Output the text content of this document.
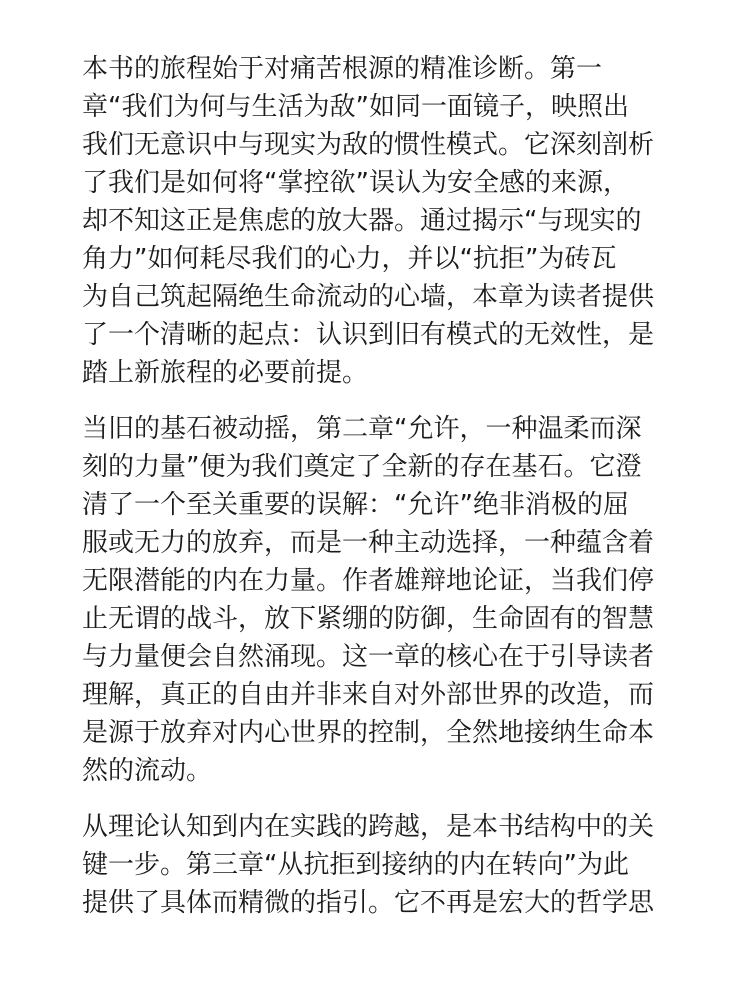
本书的旅程始于对痛苦根源的精准诊断。第一
章“我们为何与生活为敌”如同一面镜子，映照出
我们无意识中与现实为敌的惯性模式。它深刻剖析
了我们是如何将“掌控欲”误认为安全感的来源，
却不知这正是焦虑的放大器。通过揭示“与现实的
角力”如何耗尽我们的心力，并以“抗拒”为砖瓦
为自己筑起隔绝生命流动的心墙，本章为读者提供
了一个清晰的起点：认识到旧有模式的无效性，是
踏上新旅程的必要前提。
当旧的基石被动摇，第二章“允许，一种温柔而深
刻的力量”便为我们奠定了全新的存在基石。它澄
清了一个至关重要的误解：“允许”绝非消极的屈
服或无力的放弃，而是一种主动选择，一种蕴含着
无限潜能的内在力量。作者雄辩地论证，当我们停
止无谓的战斗，放下紧绷的防御，生命固有的智慧
与力量便会自然涌现。这一章的核心在于引导读者
理解，真正的自由并非来自对外部世界的改造，而
是源于放弃对内心世界的控制，全然地接纳生命本
然的流动。
从理论认知到内在实践的跨越，是本书结构中的关
键一步。第三章“从抗拒到接纳的内在转向”为此
提供了具体而精微的指引。它不再是宏大的哲学思
